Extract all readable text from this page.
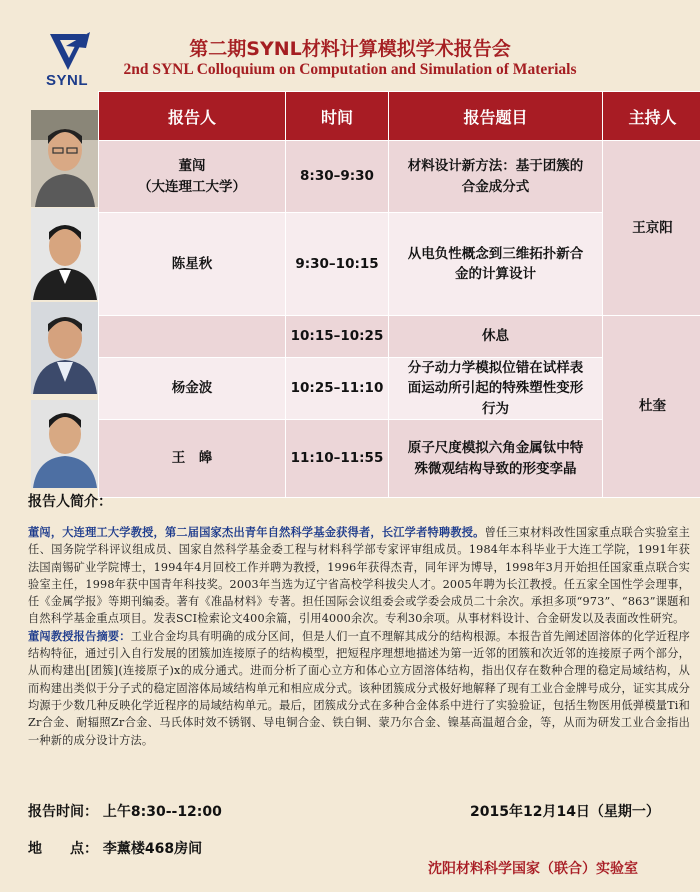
SYNL
第二期SYNL材料计算模拟学术报告会
2nd SYNL Colloquium on Computation and Simulation of Materials
报告人	时间	报告题目	主持人

董闯
（大连理工大学）	8:30–9:30	材料设计新方法：基于团簇的合金成分式	王京阳
陈星秋	9:30–10:15	从电负性概念到三维拓扑新合金的计算设计	
	10:15–10:25	休息	杜奎
杨金波	10:25–11:10	分子动力学模拟位错在试样表面运动所引起的特殊塑性变形行为	
王　皞	11:10–11:55	原子尺度模拟六角金属钛中特殊微观结构导致的形变孪晶	
报告人简介：

董闯，大连理工大学教授，第二届国家杰出青年自然科学基金获得者，长江学者特聘教授。曾任三束材料改性国家重点联合实验室主任、国务院学科评议组成员、国家自然科学基金委工程与材料科学部专家评审组成员。1984年本科毕业于大连工学院，1991年获法国南锡矿业学院博士，1994年4月回校工作并聘为教授，1996年获得杰青，同年评为博导，1998年3月开始担任国家重点联合实验室主任，1998年获中国青年科技奖。2003年当选为辽宁省高校学科拔尖人才。2005年聘为长江教授。任五家全国性学会理事，任《金属学报》等期刊编委。著有《准晶材料》专著。担任国际会议组委会或学委会成员二十余次。承担多项“973”、“863”课题和自然科学基金重点项目。发表SCI检索论文400余篇，引用4000余次。专利30余项。从事材料设计、合金研发以及表面改性研究。

董闯教授报告摘要：工业合金均具有明确的成分区间，但是人们一直不理解其成分的结构根源。本报告首先阐述固溶体的化学近程序结构特征，通过引入自行发展的团簇加连接原子的结构模型，把短程序理想地描述为第一近邻的团簇和次近邻的连接原子两个部分，从而构建出[团簇](连接原子)x的成分通式。进而分析了面心立方和体心立方固溶体结构，指出仅存在数种合理的稳定局域结构，从而构建出类似于分子式的稳定固溶体局域结构单元和相应成分式。该种团簇成分式极好地解释了现有工业合金牌号成分，证实其成分均源于少数几种反映化学近程序的局域结构单元。最后，团簇成分式在多种合金体系中进行了实验验证，包括生物医用低弹模量Ti和Zr合金、耐辐照Zr合金、马氏体时效不锈钢、导电铜合金、铁白铜、蒙乃尔合金、镍基高温超合金，等，从而为研发工业合金指出一种新的成分设计方法。

报告时间： 上午8:30--12:00	2015年12月14日（星期一）
地　　点： 李薰楼468房间
沈阳材料科学国家（联合）实验室
